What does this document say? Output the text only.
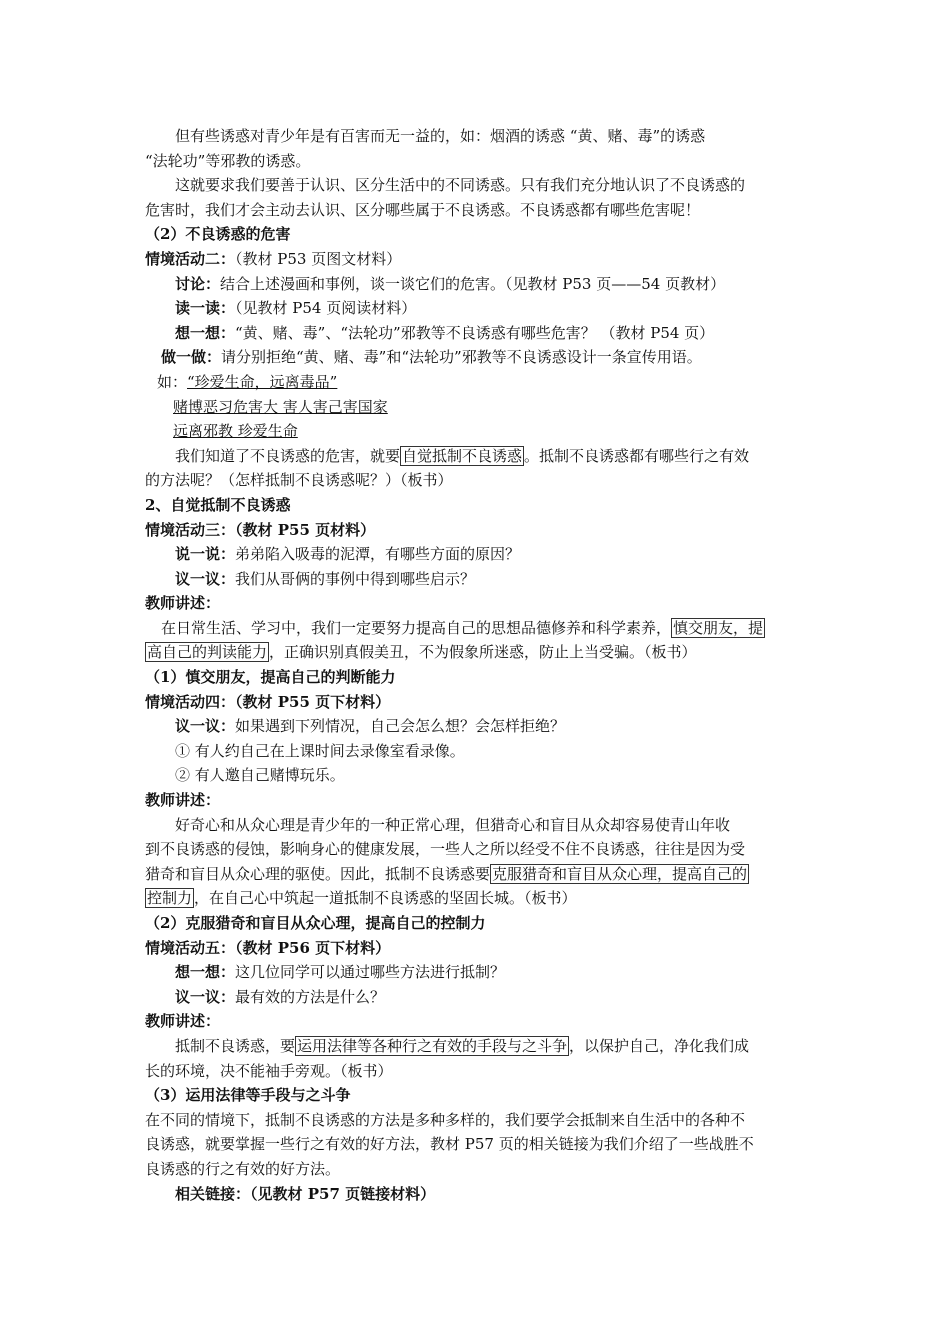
但有些诱惑对青少年是有百害而无一益的，如：烟酒的诱惑 “黄、赌、毒”的诱惑
“法轮功”等邪教的诱惑。
这就要求我们要善于认识、区分生活中的不同诱惑。只有我们充分地认识了不良诱惑的
危害时，我们才会主动去认识、区分哪些属于不良诱惑。不良诱惑都有哪些危害呢！
（2）不良诱惑的危害
情境活动二：（教材 P53 页图文材料）
讨论：结合上述漫画和事例，谈一谈它们的危害。（见教材 P53 页——54 页教材）
读一读：（见教材 P54 页阅读材料）
想一想：“黄、赌、毒”、“法轮功”邪教等不良诱惑有哪些危害？ （教材 P54 页）
做一做：请分别拒绝“黄、赌、毒”和“法轮功”邪教等不良诱惑设计一条宣传用语。
如：“珍爱生命，远离毒品”
赌博恶习危害大 害人害己害国家
远离邪教 珍爱生命
我们知道了不良诱惑的危害，就要 自觉抵制不良诱惑 。抵制不良诱惑都有哪些行之有效
的方法呢？（怎样抵制不良诱惑呢？）（板书）
2、自觉抵制不良诱惑
情境活动三：（教材 P55 页材料）
说一说：弟弟陷入吸毒的泥潭，有哪些方面的原因？
议一议：我们从哥俩的事例中得到哪些启示？
教师讲述：
在日常生活、学习中，我们一定要努力提高自己的思想品德修养和科学素养， 慎交朋友，提
高自己的判读能力 ，正确识别真假美丑，不为假象所迷惑，防止上当受骗。（板书）
（1）慎交朋友，提高自己的判断能力
情境活动四：（教材 P55 页下材料）
议一议：如果遇到下列情况，自己会怎么想？会怎样拒绝？
① 有人约自己在上课时间去录像室看录像。
② 有人邀自己赌博玩乐。
教师讲述：
好奇心和从众心理是青少年的一种正常心理，但猎奇心和盲目从众却容易使青山年收
到不良诱惑的侵蚀，影响身心的健康发展，一些人之所以经受不住不良诱惑，往往是因为受
猎奇和盲目从众心理的驱使。因此，抵制不良诱惑要 克服猎奇和盲目从众心理，提高自己的
控制力 ，在自己心中筑起一道抵制不良诱惑的坚固长城。（板书）
（2）克服猎奇和盲目从众心理，提高自己的控制力
情境活动五：（教材 P56 页下材料）
想一想：这几位同学可以通过哪些方法进行抵制？
议一议：最有效的方法是什么？
教师讲述：
抵制不良诱惑，要 运用法律等各种行之有效的手段与之斗争 ，以保护自己，净化我们成
长的环境，决不能袖手旁观。（板书）
（3）运用法律等手段与之斗争
在不同的情境下，抵制不良诱惑的方法是多种多样的，我们要学会抵制来自生活中的各种不
良诱惑，就要掌握一些行之有效的好方法，教材 P57 页的相关链接为我们介绍了一些战胜不
良诱惑的行之有效的好方法。
相关链接：（见教材 P57 页链接材料）
